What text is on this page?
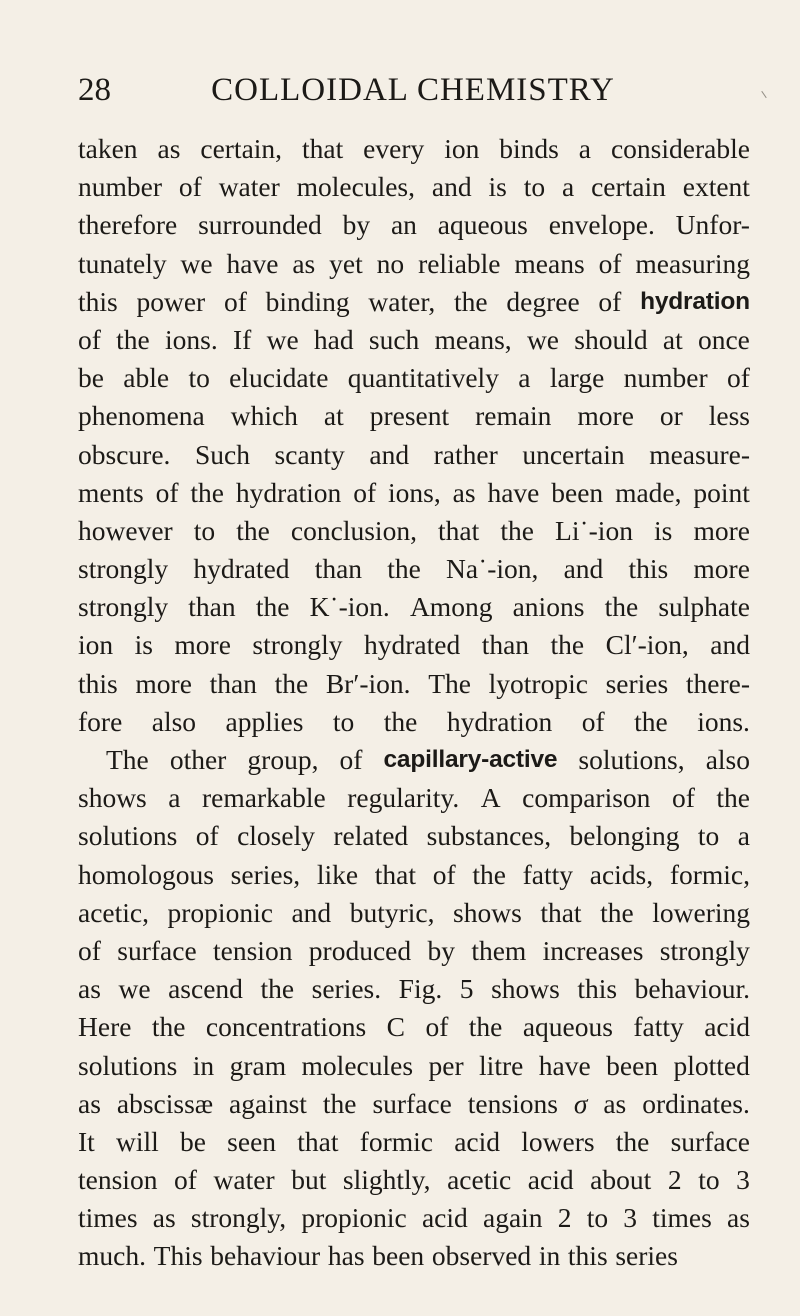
28	COLLOIDAL CHEMISTRY
taken as certain, that every ion binds a considerable
number of water molecules, and is to a certain extent
therefore surrounded by an aqueous envelope. Unfor-
tunately we have as yet no reliable means of measuring
this power of binding water, the degree of hydration
of the ions. If we had such means, we should at once
be able to elucidate quantitatively a large number of
phenomena which at present remain more or less
obscure. Such scanty and rather uncertain measure-
ments of the hydration of ions, as have been made, point
however to the conclusion, that the Li˙-ion is more
strongly hydrated than the Na˙-ion, and this more
strongly than the K˙-ion. Among anions the sulphate
ion is more strongly hydrated than the Cl′-ion, and
this more than the Br′-ion. The lyotropic series there-
fore also applies to the hydration of the ions.
The other group, of capillary-active solutions, also
shows a remarkable regularity. A comparison of the
solutions of closely related substances, belonging to a
homologous series, like that of the fatty acids, formic,
acetic, propionic and butyric, shows that the lowering
of surface tension produced by them increases strongly
as we ascend the series. Fig. 5 shows this behaviour.
Here the concentrations C of the aqueous fatty acid
solutions in gram molecules per litre have been plotted
as abscissæ against the surface tensions σ as ordinates.
It will be seen that formic acid lowers the surface
tension of water but slightly, acetic acid about 2 to 3
times as strongly, propionic acid again 2 to 3 times as
much. This behaviour has been observed in this series
